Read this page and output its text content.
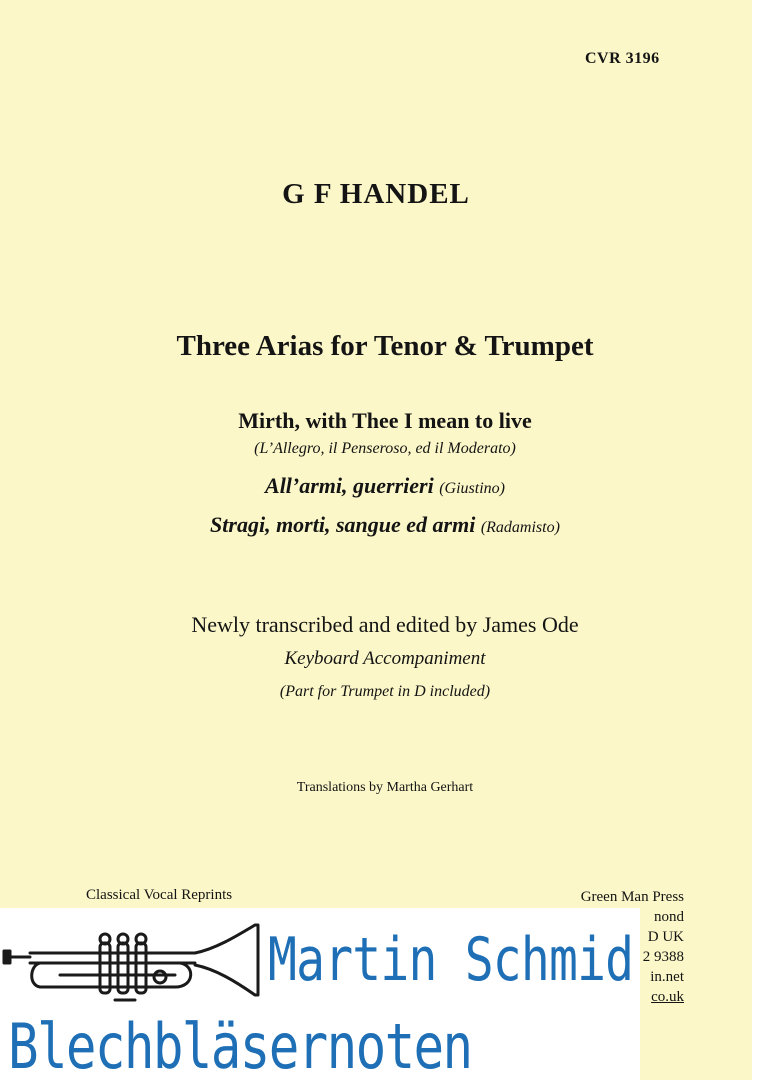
CVR 3196
G F HANDEL
Three Arias for Tenor & Trumpet
Mirth, with Thee I mean to live
(L’Allegro, il Penseroso, ed il Moderato)
All’armi, guerrieri (Giustino)
Stragi, morti, sangue ed armi (Radamisto)
Newly transcribed and edited by James Ode
Keyboard Accompaniment
(Part for Trumpet in D included)
Translations by Martha Gerhart
Classical Vocal Reprints	Green Man Press
nond
D UK
2 9388
in.net
co.uk
Martin Schmid
Blechbläsernoten
